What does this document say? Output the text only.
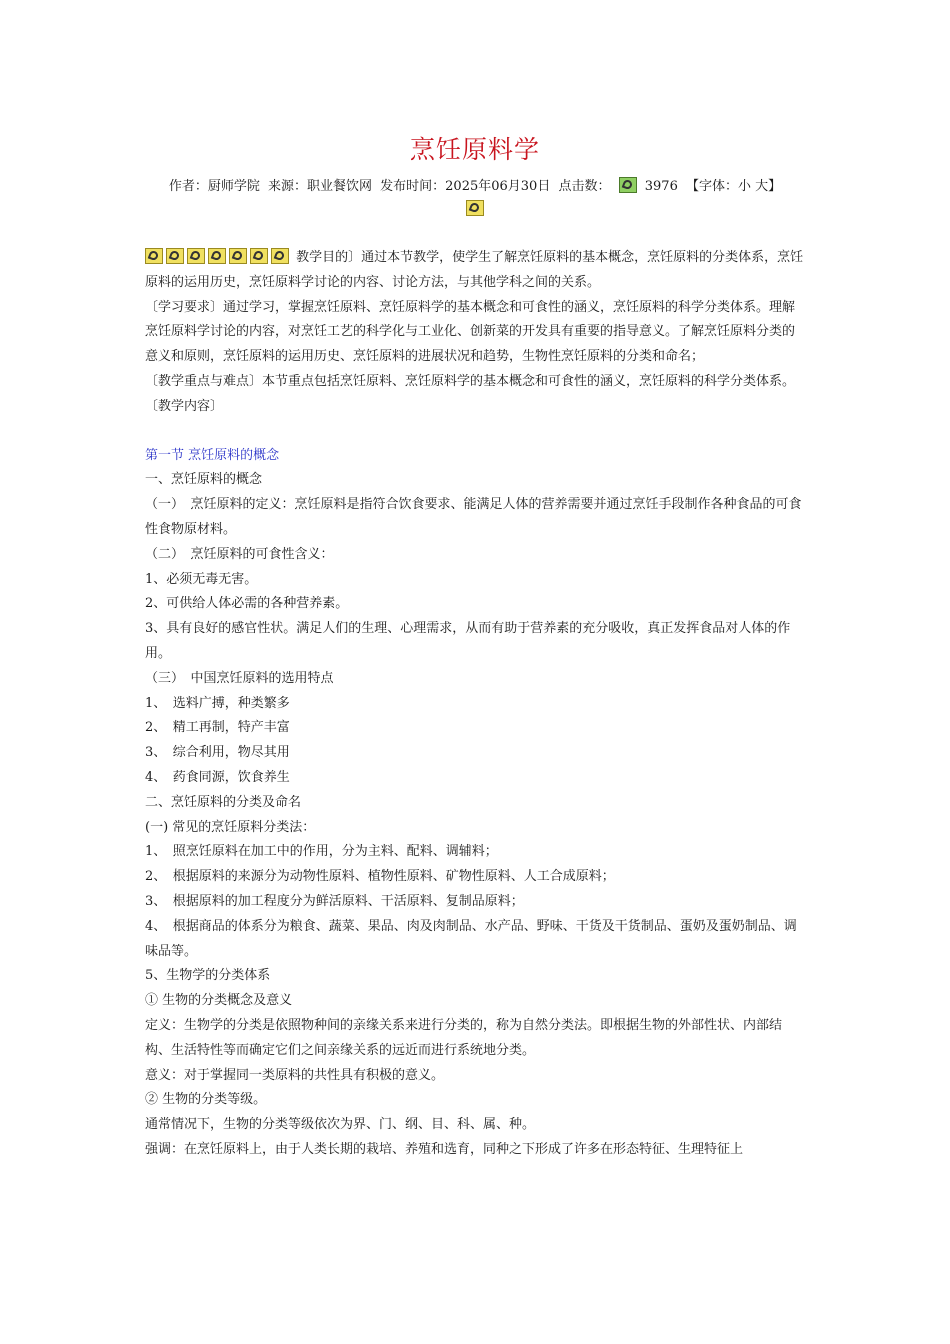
烹饪原料学
作者：厨师学院 来源：职业餐饮网 发布时间：2025年06月30日 点击数：	3976 【字体：小 大】

教学目的〕通过本节教学，使学生了解烹饪原料的基本概念，烹饪原料的分类体系，烹饪原料的运用历史，烹饪原料学讨论的内容、讨论方法，与其他学科之间的关系。

〔学习要求〕通过学习，掌握烹饪原料、烹饪原料学的基本概念和可食性的涵义，烹饪原料的科学分类体系。理解烹饪原料学讨论的内容，对烹饪工艺的科学化与工业化、创新菜的开发具有重要的指导意义。了解烹饪原料分类的意义和原则，烹饪原料的运用历史、烹饪原料的进展状况和趋势，生物性烹饪原料的分类和命名；

〔教学重点与难点〕本节重点包括烹饪原料、烹饪原料学的基本概念和可食性的涵义，烹饪原料的科学分类体系。

〔教学内容〕

第一节 烹饪原料的概念

一、烹饪原料的概念

（一）　烹饪原料的定义：烹饪原料是指符合饮食要求、能满足人体的营养需要并通过烹饪手段制作各种食品的可食性食物原材料。

（二）　烹饪原料的可食性含义：

1、必须无毒无害。

2、可供给人体必需的各种营养素。

3、具有良好的感官性状。满足人们的生理、心理需求，从而有助于营养素的充分吸收，真正发挥食品对人体的作用。

（三）　中国烹饪原料的选用特点

1、　选料广搏，种类繁多

2、　精工再制，特产丰富

3、　综合利用，物尽其用

4、　药食同源，饮食养生

二、烹饪原料的分类及命名

(一) 常见的烹饪原料分类法：

1、　照烹饪原料在加工中的作用，分为主料、配料、调辅料；

2、　根据原料的来源分为动物性原料、植物性原料、矿物性原料、人工合成原料；

3、　根据原料的加工程度分为鲜活原料、干活原料、复制品原料；

4、　根据商品的体系分为粮食、蔬菜、果品、肉及肉制品、水产品、野味、干货及干货制品、蛋奶及蛋奶制品、调味品等。

5、生物学的分类体系

① 生物的分类概念及意义

定义：生物学的分类是依照物种间的亲缘关系来进行分类的，称为自然分类法。即根据生物的外部性状、内部结构、生活特性等而确定它们之间亲缘关系的远近而进行系统地分类。

意义：对于掌握同一类原料的共性具有积极的意义。

② 生物的分类等级。

通常情况下，生物的分类等级依次为界、门、纲、目、科、属、种。

强调：在烹饪原料上，由于人类长期的栽培、养殖和选育，同种之下形成了许多在形态特征、生理特征上
